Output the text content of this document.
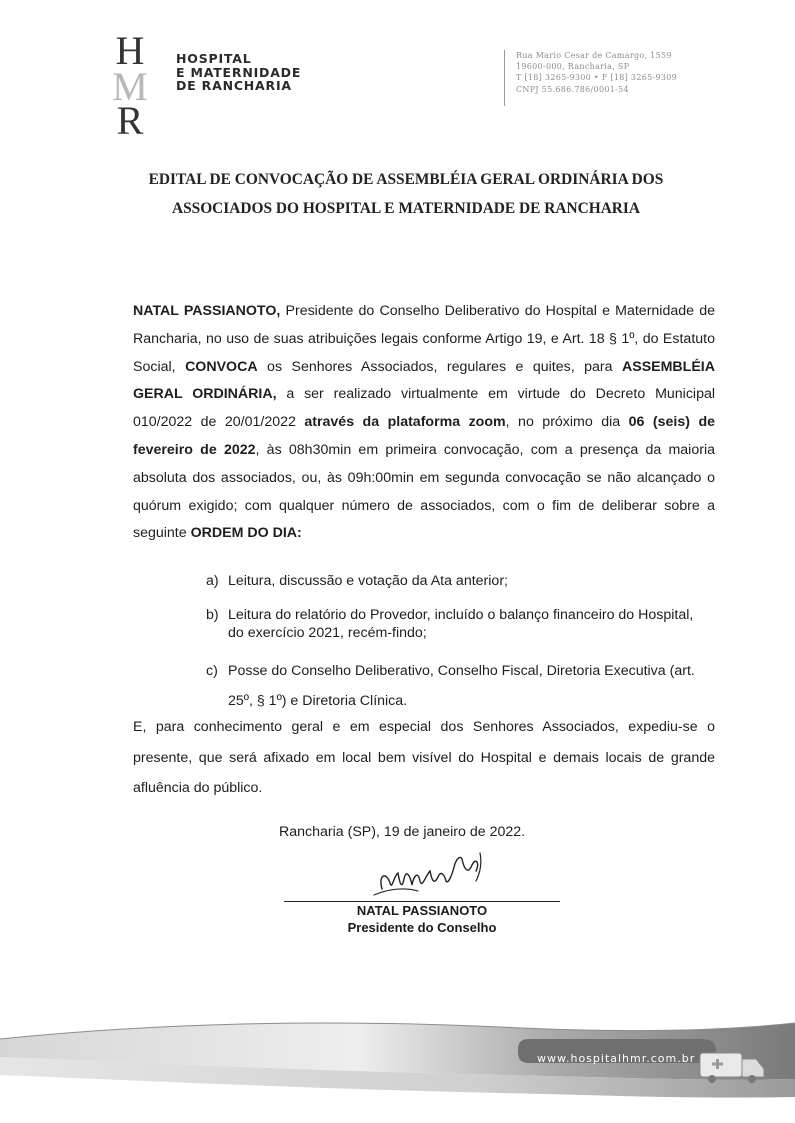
H
M
R
HOSPITAL
E MATERNIDADE
DE RANCHARIA
Rua Mario Cesar de Camargo, 1559
19600-000, Rancharia, SP
T [18] 3265-9300 • F [18] 3265-9309
CNPJ 55.686.786/0001-54
EDITAL DE CONVOCAÇÃO DE ASSEMBLÉIA GERAL ORDINÁRIA DOS
ASSOCIADOS DO HOSPITAL E MATERNIDADE DE RANCHARIA
NATAL PASSIANOTO, Presidente do Conselho Deliberativo do Hospital e Maternidade de Rancharia, no uso de suas atribuições legais conforme Artigo 19, e Art. 18 § 1º, do Estatuto Social, CONVOCA os Senhores Associados, regulares e quites, para ASSEMBLÉIA GERAL ORDINÁRIA, a ser realizado virtualmente em virtude do Decreto Municipal 010/2022 de 20/01/2022 através da plataforma zoom, no próximo dia 06 (seis) de fevereiro de 2022, às 08h30min em primeira convocação, com a presença da maioria absoluta dos associados, ou, às 09h:00min em segunda convocação se não alcançado o quórum exigido; com qualquer número de associados, com o fim de deliberar sobre a seguinte ORDEM DO DIA:
a) Leitura, discussão e votação da Ata anterior;
b) Leitura do relatório do Provedor, incluído o balanço financeiro do Hospital,
do exercício 2021, recém-findo;
c) Posse do Conselho Deliberativo, Conselho Fiscal, Diretoria Executiva (art.
25º, § 1º) e Diretoria Clínica.
E, para conhecimento geral e em especial dos Senhores Associados, expediu-se o presente, que será afixado em local bem visível do Hospital e demais locais de grande afluência do público.
Rancharia (SP), 19 de janeiro de 2022.
NATAL PASSIANOTO
Presidente do Conselho
www.hospitalhmr.com.br
